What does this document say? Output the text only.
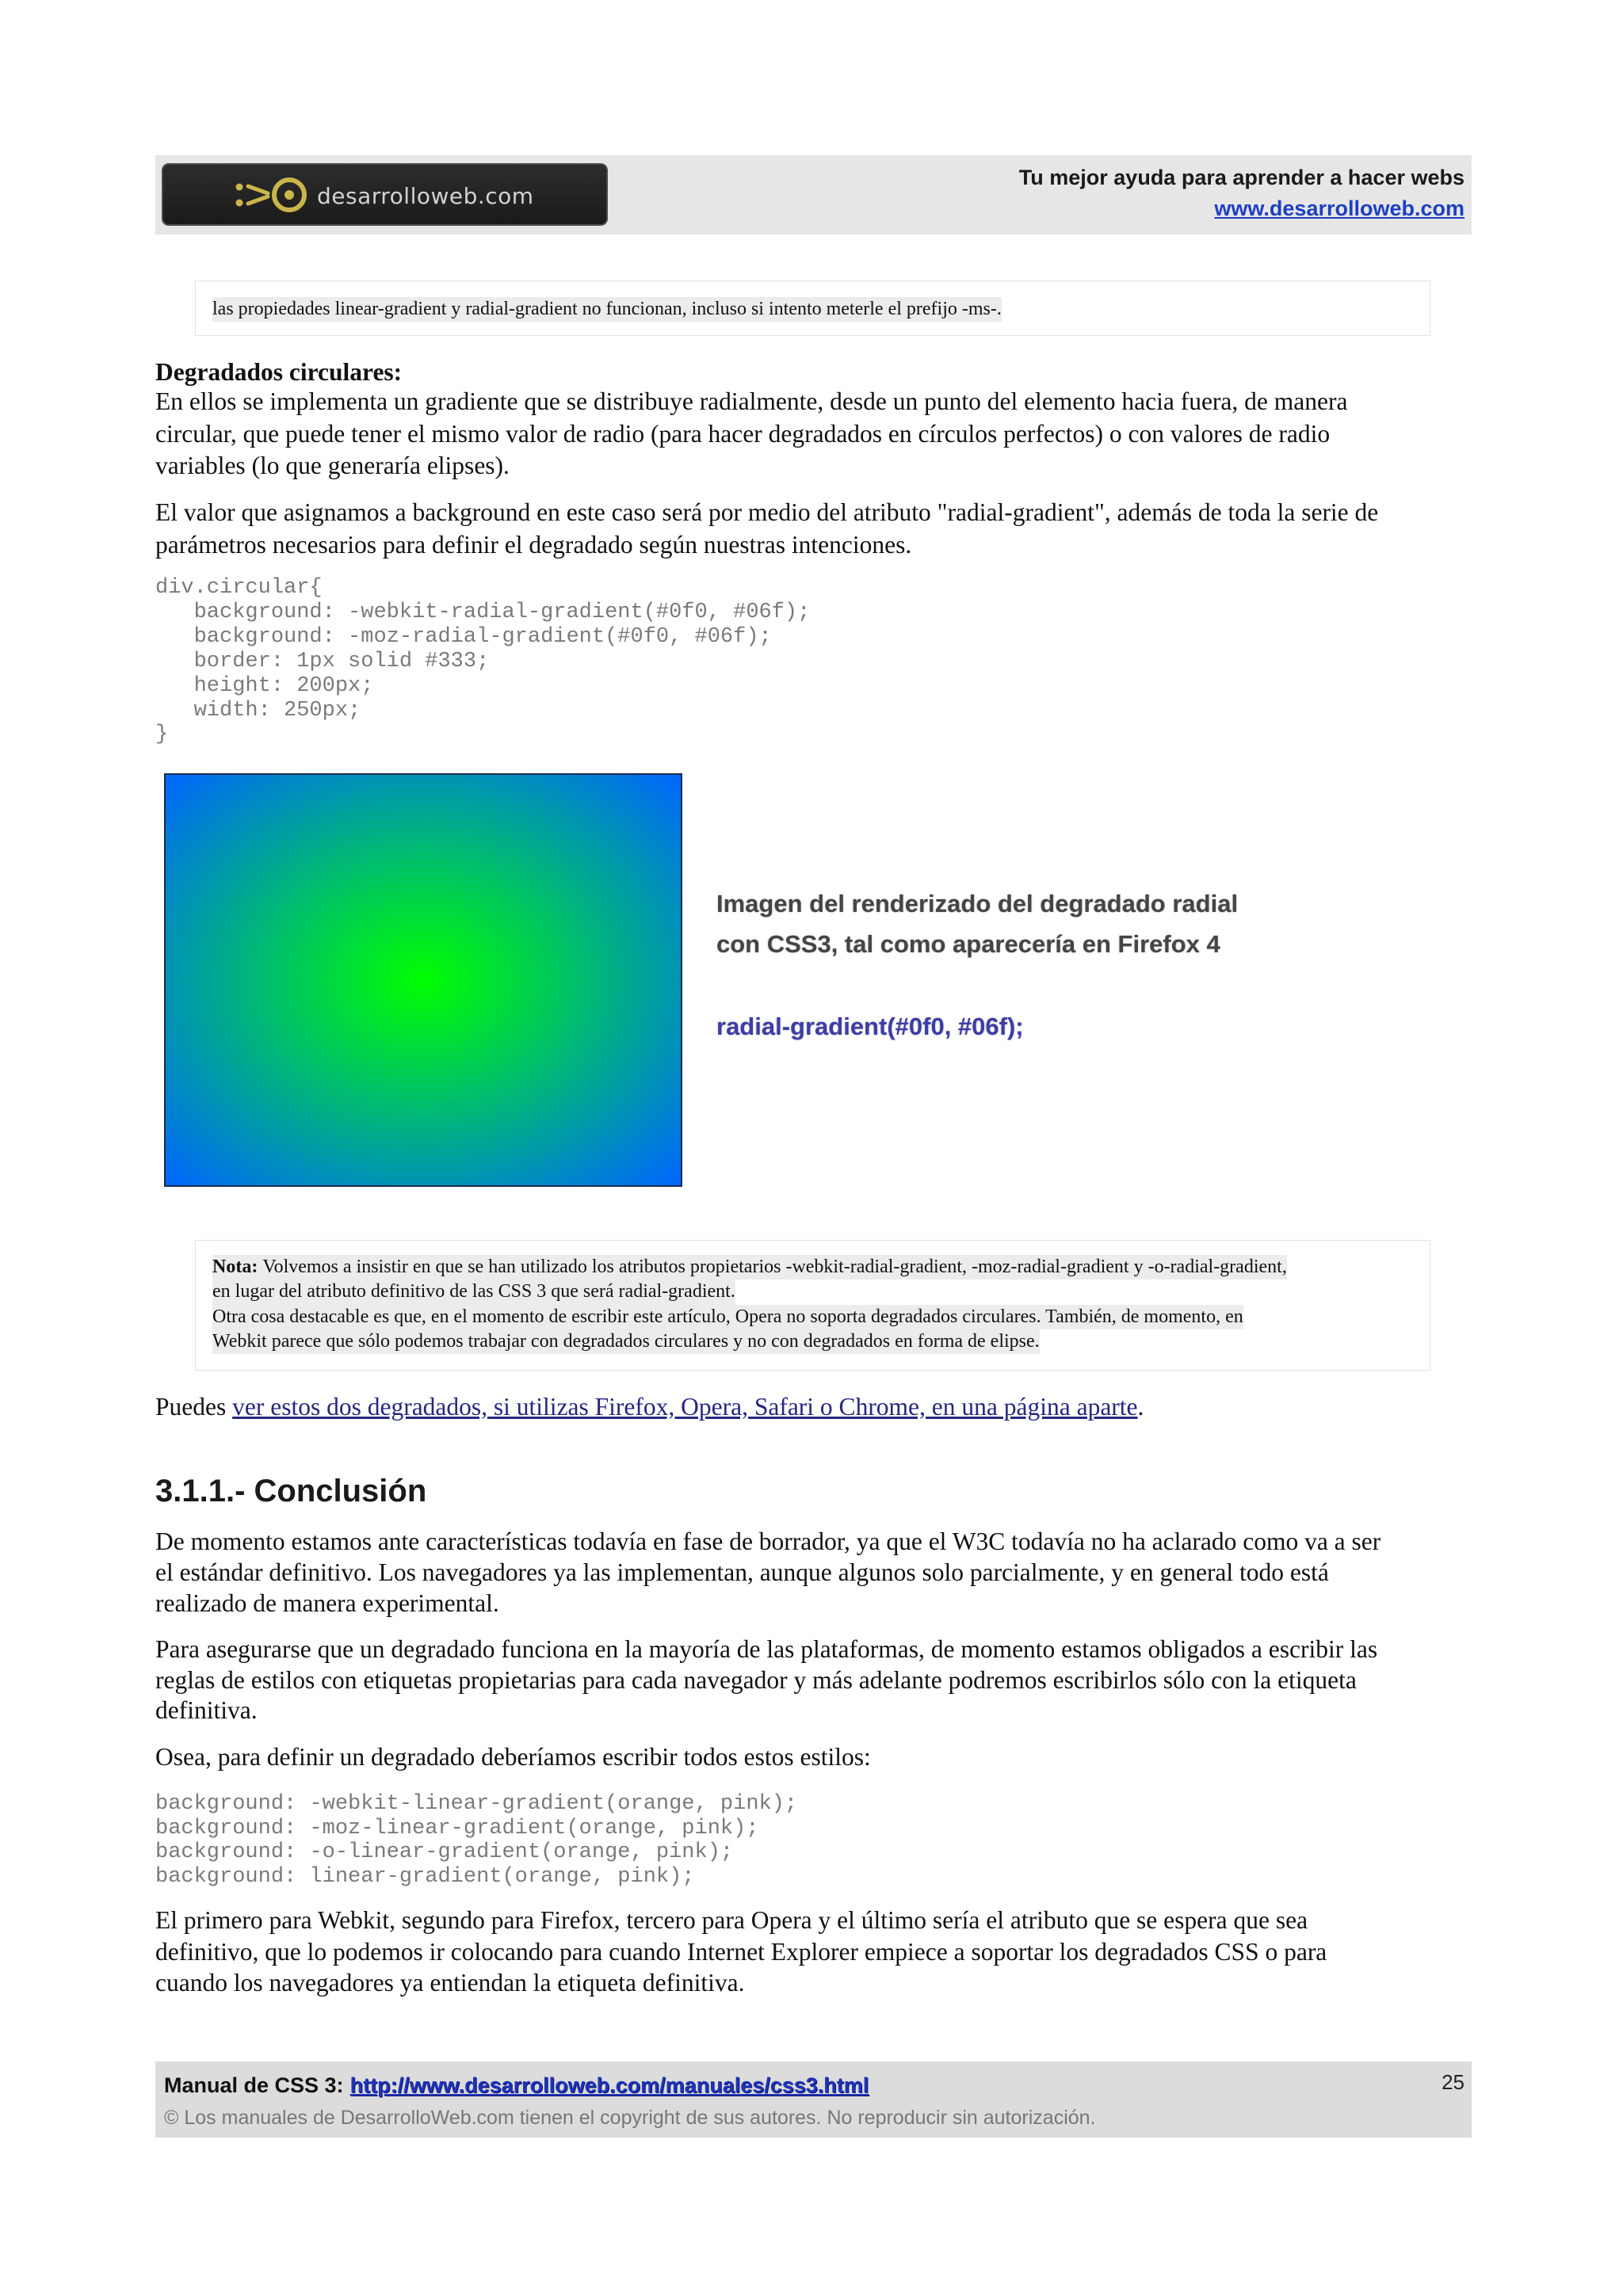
desarrolloweb.com
Tu mejor ayuda para aprender a hacer webs
www.desarrolloweb.com
las propiedades linear-gradient y radial-gradient no funcionan, incluso si intento meterle el prefijo -ms-.
Degradados circulares:
En ellos se implementa un gradiente que se distribuye radialmente, desde un punto del elemento hacia fuera, de manera
circular, que puede tener el mismo valor de radio (para hacer degradados en círculos perfectos) o con valores de radio
variables (lo que generaría elipses).
El valor que asignamos a background en este caso será por medio del atributo "radial-gradient", además de toda la serie de
parámetros necesarios para definir el degradado según nuestras intenciones.
div.circular{
background: -webkit-radial-gradient(#0f0, #06f);
background: -moz-radial-gradient(#0f0, #06f);
border: 1px solid #333;
height: 200px;
width: 250px;
}
Imagen del renderizado del degradado radial
con CSS3, tal como aparecería en Firefox 4
radial-gradient(#0f0, #06f);
Nota: Volvemos a insistir en que se han utilizado los atributos propietarios -webkit-radial-gradient, -moz-radial-gradient y -o-radial-gradient,
en lugar del atributo definitivo de las CSS 3 que será radial-gradient.
Otra cosa destacable es que, en el momento de escribir este artículo, Opera no soporta degradados circulares. También, de momento, en
Webkit parece que sólo podemos trabajar con degradados circulares y no con degradados en forma de elipse.
Puedes ver estos dos degradados, si utilizas Firefox, Opera, Safari o Chrome, en una página aparte.
3.1.1.- Conclusión
De momento estamos ante características todavía en fase de borrador, ya que el W3C todavía no ha aclarado como va a ser
el estándar definitivo. Los navegadores ya las implementan, aunque algunos solo parcialmente, y en general todo está
realizado de manera experimental.
Para asegurarse que un degradado funciona en la mayoría de las plataformas, de momento estamos obligados a escribir las
reglas de estilos con etiquetas propietarias para cada navegador y más adelante podremos escribirlos sólo con la etiqueta
definitiva.
Osea, para definir un degradado deberíamos escribir todos estos estilos:
background: -webkit-linear-gradient(orange, pink);
background: -moz-linear-gradient(orange, pink);
background: -o-linear-gradient(orange, pink);
background: linear-gradient(orange, pink);
El primero para Webkit, segundo para Firefox, tercero para Opera y el último sería el atributo que se espera que sea
definitivo, que lo podemos ir colocando para cuando Internet Explorer empiece a soportar los degradados CSS o para
cuando los navegadores ya entiendan la etiqueta definitiva.
Manual de CSS 3: http://www.desarrolloweb.com/manuales/css3.html	25
© Los manuales de DesarrolloWeb.com tienen el copyright de sus autores. No reproducir sin autorización.
